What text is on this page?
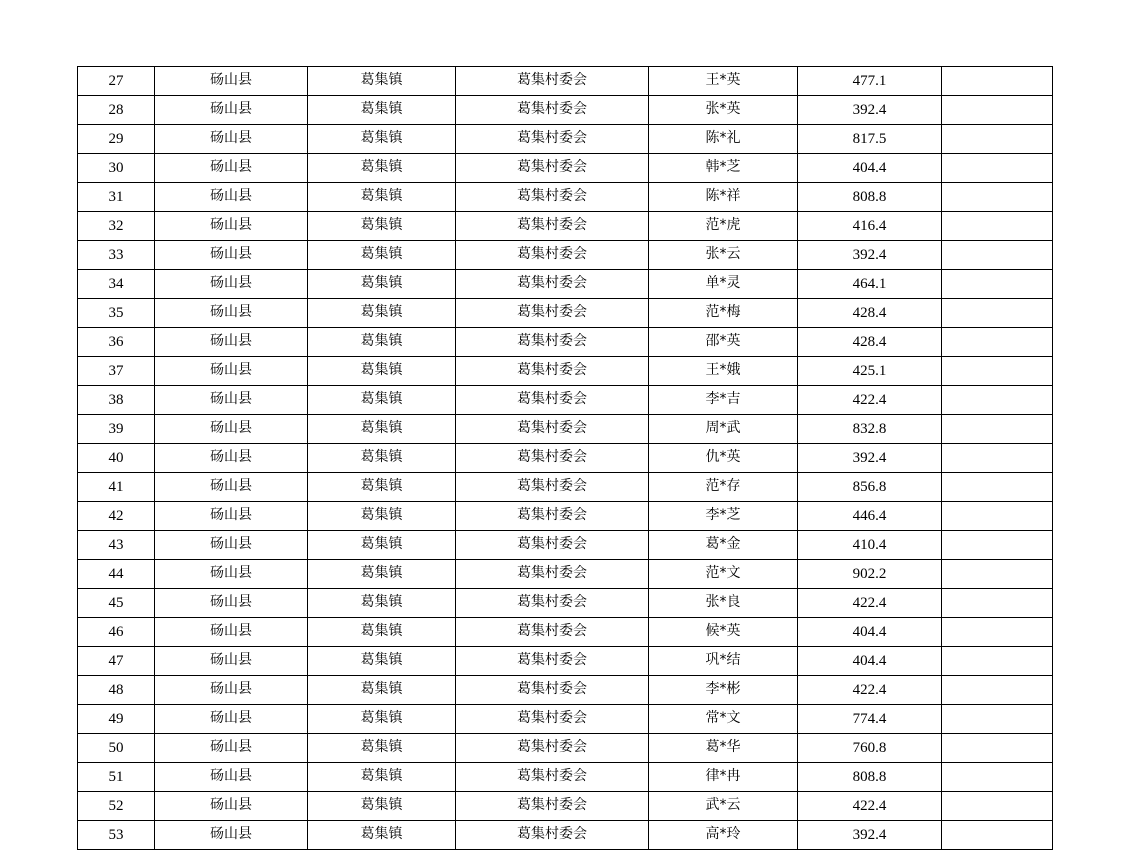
27	砀山县	葛集镇	葛集村委会	王*英	477.1	
28	砀山县	葛集镇	葛集村委会	张*英	392.4	
29	砀山县	葛集镇	葛集村委会	陈*礼	817.5	
30	砀山县	葛集镇	葛集村委会	韩*芝	404.4	
31	砀山县	葛集镇	葛集村委会	陈*祥	808.8	
32	砀山县	葛集镇	葛集村委会	范*虎	416.4	
33	砀山县	葛集镇	葛集村委会	张*云	392.4	
34	砀山县	葛集镇	葛集村委会	单*灵	464.1	
35	砀山县	葛集镇	葛集村委会	范*梅	428.4	
36	砀山县	葛集镇	葛集村委会	邵*英	428.4	
37	砀山县	葛集镇	葛集村委会	王*娥	425.1	
38	砀山县	葛集镇	葛集村委会	李*吉	422.4	
39	砀山县	葛集镇	葛集村委会	周*武	832.8	
40	砀山县	葛集镇	葛集村委会	仇*英	392.4	
41	砀山县	葛集镇	葛集村委会	范*存	856.8	
42	砀山县	葛集镇	葛集村委会	李*芝	446.4	
43	砀山县	葛集镇	葛集村委会	葛*金	410.4	
44	砀山县	葛集镇	葛集村委会	范*文	902.2	
45	砀山县	葛集镇	葛集村委会	张*良	422.4	
46	砀山县	葛集镇	葛集村委会	候*英	404.4	
47	砀山县	葛集镇	葛集村委会	巩*结	404.4	
48	砀山县	葛集镇	葛集村委会	李*彬	422.4	
49	砀山县	葛集镇	葛集村委会	常*文	774.4	
50	砀山县	葛集镇	葛集村委会	葛*华	760.8	
51	砀山县	葛集镇	葛集村委会	律*冉	808.8	
52	砀山县	葛集镇	葛集村委会	武*云	422.4	
53	砀山县	葛集镇	葛集村委会	高*玲	392.4	
